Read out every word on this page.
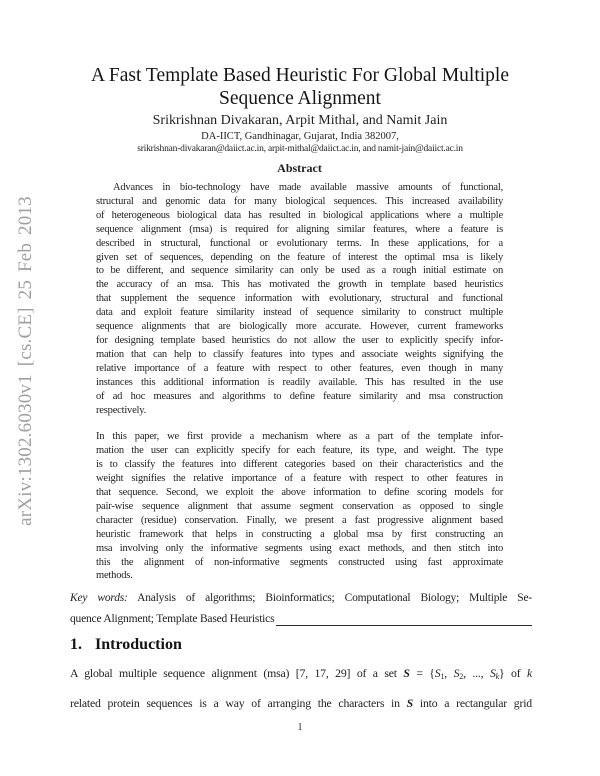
arXiv:1302.6030v1 [cs.CE] 25 Feb 2013
A Fast Template Based Heuristic For Global Multiple
Sequence Alignment
Srikrishnan Divakaran, Arpit Mithal, and Namit Jain
DA-IICT, Gandhinagar, Gujarat, India 382007,
srikrishnan-divakaran@daiict.ac.in, arpit-mithal@daiict.ac.in, and namit-jain@daiict.ac.in
Abstract
Advances in bio-technology have made available massive amounts of functional,
structural and genomic data for many biological sequences. This increased availability
of heterogeneous biological data has resulted in biological applications where a multiple
sequence alignment (msa) is required for aligning similar features, where a feature is
described in structural, functional or evolutionary terms. In these applications, for a
given set of sequences, depending on the feature of interest the optimal msa is likely
to be different, and sequence similarity can only be used as a rough initial estimate on
the accuracy of an msa. This has motivated the growth in template based heuristics
that supplement the sequence information with evolutionary, structural and functional
data and exploit feature similarity instead of sequence similarity to construct multiple
sequence alignments that are biologically more accurate. However, current frameworks
for designing template based heuristics do not allow the user to explicitly specify infor-
mation that can help to classify features into types and associate weights signifying the
relative importance of a feature with respect to other features, even though in many
instances this additional information is readily available. This has resulted in the use
of ad hoc measures and algorithms to define feature similarity and msa construction
respectively.
In this paper, we first provide a mechanism where as a part of the template infor-
mation the user can explicitly specify for each feature, its type, and weight. The type
is to classify the features into different categories based on their characteristics and the
weight signifies the relative importance of a feature with respect to other features in
that sequence. Second, we exploit the above information to define scoring models for
pair-wise sequence alignment that assume segment conservation as opposed to single
character (residue) conservation. Finally, we present a fast progressive alignment based
heuristic framework that helps in constructing a global msa by first constructing an
msa involving only the informative segments using exact methods, and then stitch into
this the alignment of non-informative segments constructed using fast approximate
methods.
Key words: Analysis of algorithms; Bioinformatics; Computational Biology; Multiple Se-
quence Alignment; Template Based Heuristics
1. Introduction
A global multiple sequence alignment (msa) [7, 17, 29] of a set S = {S1, S2, ..., Sk} of k
related protein sequences is a way of arranging the characters in S into a rectangular grid
1
